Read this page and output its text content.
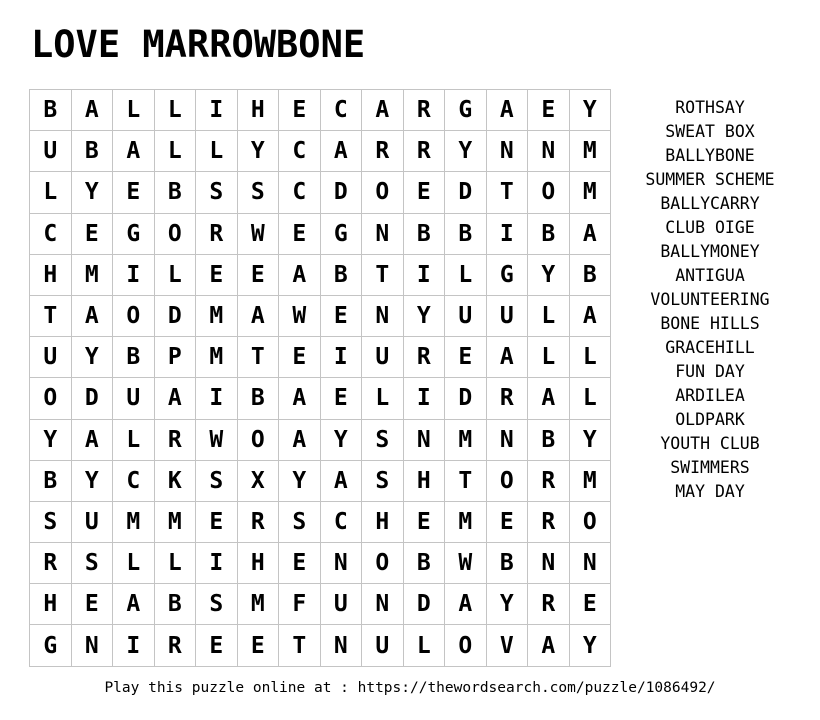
LOVE MARROWBONE
B	A	L	L	I	H	E	C	A	R	G	A	E	Y
U	B	A	L	L	Y	C	A	R	R	Y	N	N	M
L	Y	E	B	S	S	C	D	O	E	D	T	O	M
C	E	G	O	R	W	E	G	N	B	B	I	B	A
H	M	I	L	E	E	A	B	T	I	L	G	Y	B
T	A	O	D	M	A	W	E	N	Y	U	U	L	A
U	Y	B	P	M	T	E	I	U	R	E	A	L	L
O	D	U	A	I	B	A	E	L	I	D	R	A	L
Y	A	L	R	W	O	A	Y	S	N	M	N	B	Y
B	Y	C	K	S	X	Y	A	S	H	T	O	R	M
S	U	M	M	E	R	S	C	H	E	M	E	R	O
R	S	L	L	I	H	E	N	O	B	W	B	N	N
H	E	A	B	S	M	F	U	N	D	A	Y	R	E
G	N	I	R	E	E	T	N	U	L	O	V	A	Y
ROTHSAY
SWEAT BOX
BALLYBONE
SUMMER SCHEME
BALLYCARRY
CLUB OIGE
BALLYMONEY
ANTIGUA
VOLUNTEERING
BONE HILLS
GRACEHILL
FUN DAY
ARDILEA
OLDPARK
YOUTH CLUB
SWIMMERS
MAY DAY
Play this puzzle online at : https://thewordsearch.com/puzzle/1086492/
